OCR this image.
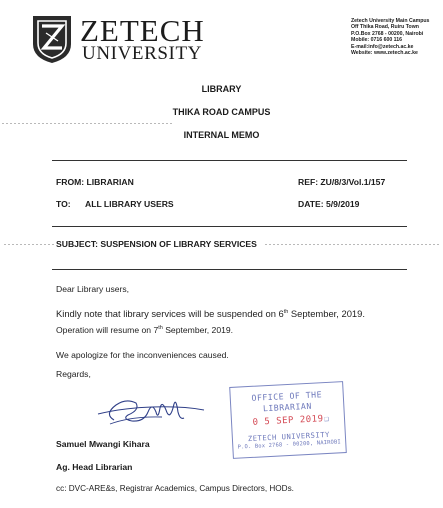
ZETECH
UNIVERSITY
Zetech University Main Campus
Off Thika Road, Ruiru Town
P.O.Box 2768 - 00200, Nairobi
Mobile: 0716 600 116
E-mail:info@zetech.ac.ke
Website: www.zetech.ac.ke
LIBRARY
THIKA ROAD CAMPUS
INTERNAL MEMO
FROM: LIBRARIAN	REF: ZU/8/3/Vol.1/157
TO: ALL LIBRARY USERS	DATE: 5/9/2019
SUBJECT: SUSPENSION OF LIBRARY SERVICES
Dear Library users,
Kindly note that library services will be suspended on 6th September, 2019.
Operation will resume on 7th September, 2019.
We apologize for the inconveniences caused.
Regards,
Samuel Mwangi Kihara
Ag. Head Librarian
OFFICE OF THE
LIBRARIAN
0 5 SEP 2019 ❏
ZETECH UNIVERSITY
P.O. Box 2768 - 00200, NAIROBI
cc: DVC-ARE&s, Registrar Academics, Campus Directors, HODs.
